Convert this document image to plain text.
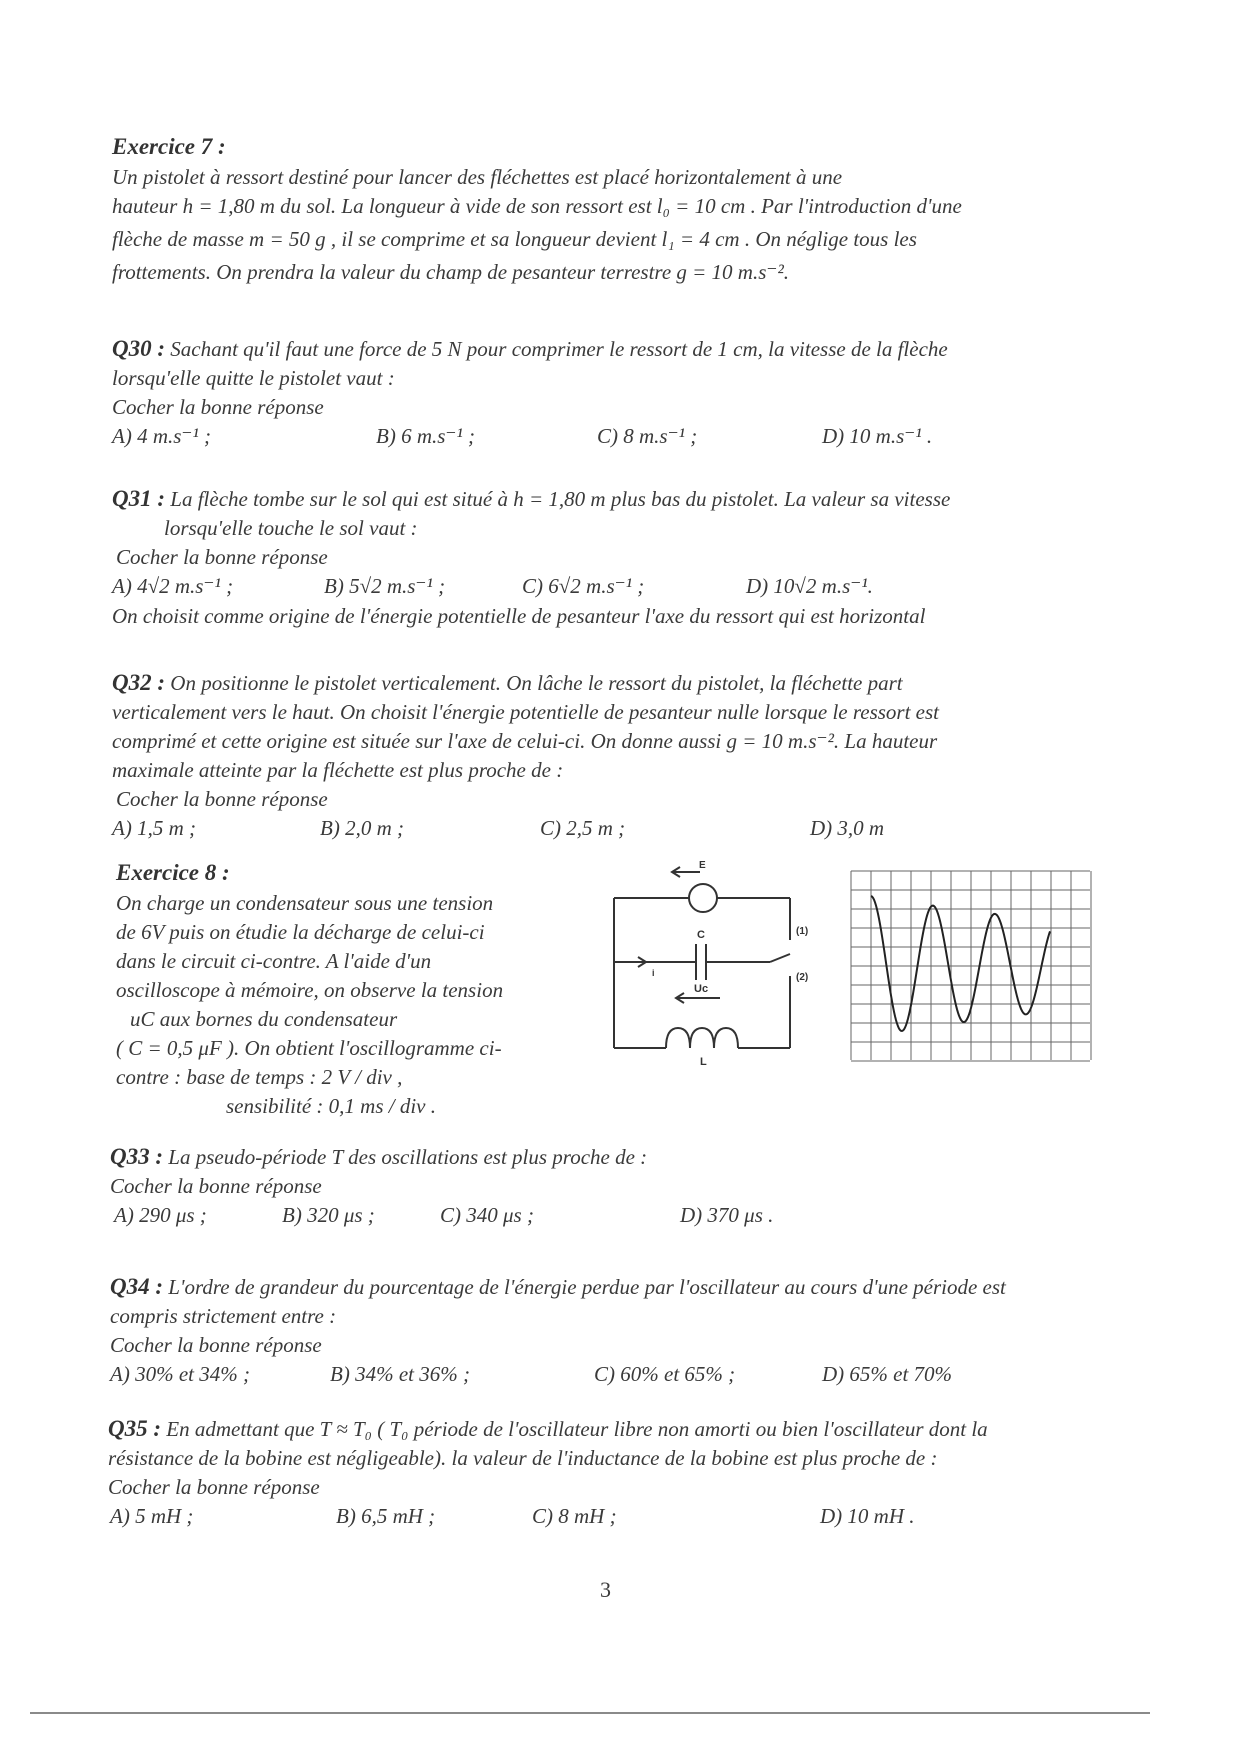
Exercice 7 :
Un pistolet à ressort destiné pour lancer des fléchettes est placé horizontalement à une
hauteur h = 1,80 m du sol. La longueur à vide de son ressort est l₀ = 10 cm . Par l'introduction d'une
flèche de masse m = 50 g , il se comprime et sa longueur devient l₁ = 4 cm . On néglige tous les
frottements. On prendra la valeur du champ de pesanteur terrestre g = 10 m.s⁻².
Q30 : Sachant qu'il faut une force de 5 N pour comprimer le ressort de 1 cm, la vitesse de la flèche
lorsqu'elle quitte le pistolet vaut :
Cocher la bonne réponse
A) 4 m.s⁻¹ ;	B) 6 m.s⁻¹ ;	C) 8 m.s⁻¹ ;	D) 10 m.s⁻¹ .
Q31 : La flèche tombe sur le sol qui est situé à h = 1,80 m plus bas du pistolet. La valeur sa vitesse
lorsqu'elle touche le sol vaut :
Cocher la bonne réponse
A) 4√2 m.s⁻¹ ;	B) 5√2 m.s⁻¹ ;	C) 6√2 m.s⁻¹ ;	D) 10√2 m.s⁻¹.
On choisit comme origine de l'énergie potentielle de pesanteur l'axe du ressort qui est horizontal
Q32 : On positionne le pistolet verticalement. On lâche le ressort du pistolet, la fléchette part
verticalement vers le haut. On choisit l'énergie potentielle de pesanteur nulle lorsque le ressort est
comprimé et cette origine est située sur l'axe de celui-ci. On donne aussi g = 10 m.s⁻². La hauteur
maximale atteinte par la fléchette est plus proche de :
Cocher la bonne réponse
A) 1,5 m ;	B) 2,0 m ;	C) 2,5 m ;	D) 3,0 m
Exercice 8 :
On charge un condensateur sous une tension
de 6V puis on étudie la décharge de celui-ci
dans le circuit ci-contre. A l'aide d'un
oscilloscope à mémoire, on observe la tension
uC aux bornes du condensateur
( C = 0,5 μF ). On obtient l'oscillogramme ci-
contre : base de temps : 2 V / div ,
sensibilité : 0,1 ms / div .
E
C
Uc
L
(1)
(2)
i
Q33 : La pseudo-période T des oscillations est plus proche de :
Cocher la bonne réponse
A) 290 μs ;	B) 320 μs ;	C) 340 μs ;	D) 370 μs .
Q34 : L'ordre de grandeur du pourcentage de l'énergie perdue par l'oscillateur au cours d'une période est
compris strictement entre :
Cocher la bonne réponse
A) 30% et 34% ;	B) 34% et 36% ;	C) 60% et 65% ;	D) 65% et 70%
Q35 : En admettant que T ≈ T₀ ( T₀ période de l'oscillateur libre non amorti ou bien l'oscillateur dont la
résistance de la bobine est négligeable). la valeur de l'inductance de la bobine est plus proche de :
Cocher la bonne réponse
A) 5 mH ;	B) 6,5 mH ;	C) 8 mH ;	D) 10 mH .
3
